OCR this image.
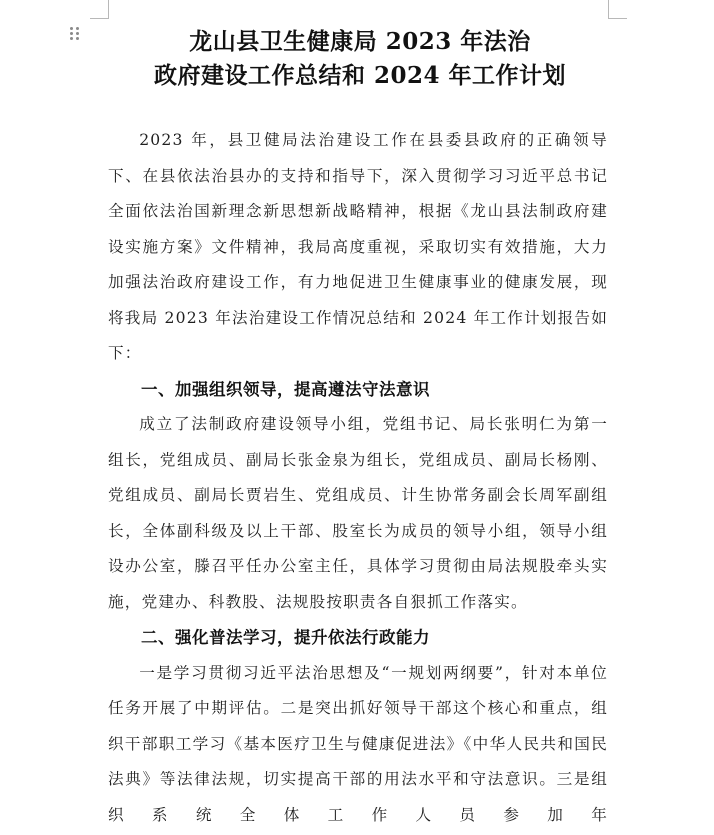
龙山县卫生健康局 2023 年法治
政府建设工作总结和 2024 年工作计划

2023 年，县卫健局法治建设工作在县委县政府的正确领导下、在县依法治县办的支持和指导下，深入贯彻学习习近平总书记全面依法治国新理念新思想新战略精神，根据《龙山县法制政府建设实施方案》文件精神，我局高度重视，采取切实有效措施，大力加强法治政府建设工作，有力地促进卫生健康事业的健康发展，现将我局 2023 年法治建设工作情况总结和 2024 年工作计划报告如下：

一、加强组织领导，提高遵法守法意识

成立了法制政府建设领导小组，党组书记、局长张明仁为第一组长，党组成员、副局长张金泉为组长，党组成员、副局长杨刚、党组成员、副局长贾岩生、党组成员、计生协常务副会长周军副组长，全体副科级及以上干部、股室长为成员的领导小组，领导小组设办公室，滕召平任办公室主任，具体学习贯彻由局法规股牵头实施，党建办、科教股、法规股按职责各自狠抓工作落实。

二、强化普法学习，提升依法行政能力

一是学习贯彻习近平法治思想及“一规划两纲要”，针对本单位任务开展了中期评估。二是突出抓好领导干部这个核心和重点，组织干部职工学习《基本医疗卫生与健康促进法》《中华人民共和国民法典》等法律法规，切实提高干部的用法水平和守法意识。三是组织系统全体工作人员参加年
